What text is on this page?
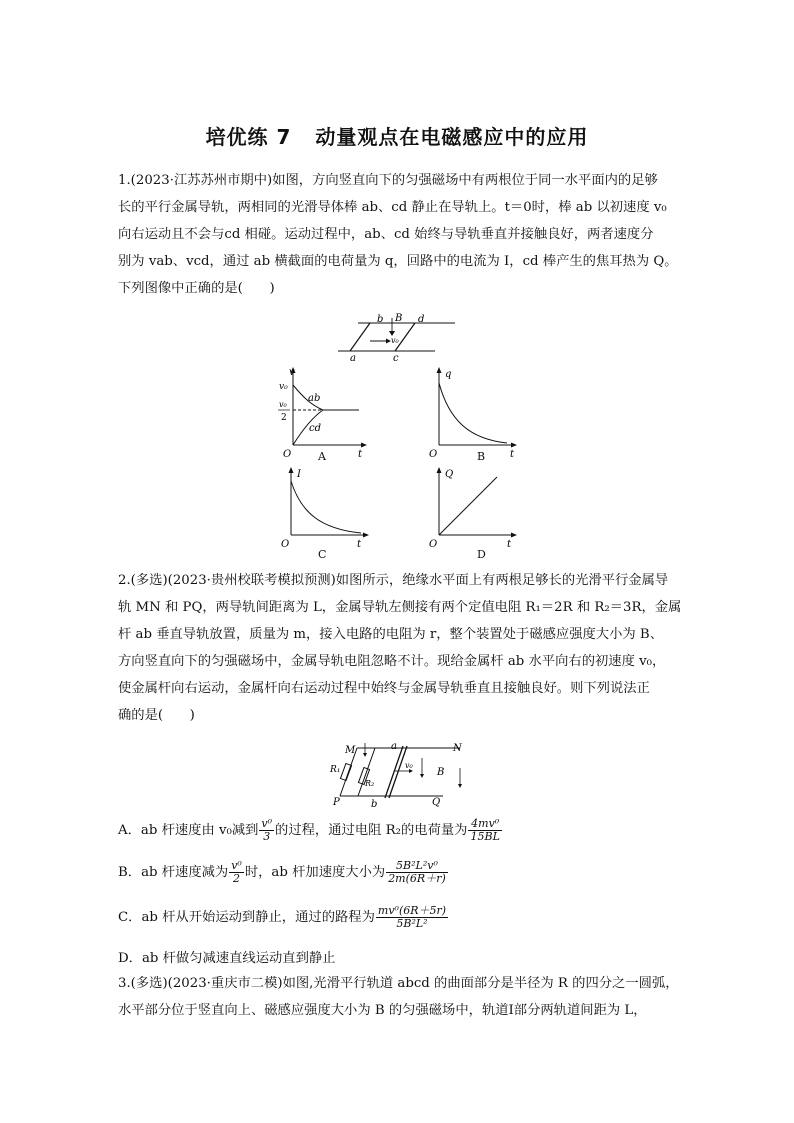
培优练 7 动量观点在电磁感应中的应用
1.(2023·江苏苏州市期中)如图，方向竖直向下的匀强磁场中有两根位于同一水平面内的足够
长的平行金属导轨，两相同的光滑导体棒 ab、cd 静止在导轨上。t＝0时，棒 ab 以初速度 v₀
向右运动且不会与cd 相碰。运动过程中，ab、cd 始终与导轨垂直并接触良好，两者速度分
别为 vab、vcd，通过 ab 横截面的电荷量为 q，回路中的电流为 I，cd 棒产生的焦耳热为 Q。
下列图像中正确的是(　　)
b B d
v₀
a	c
v
t
O
v₀
v₀
2
ab
cd
A
q
t
O	B
I
t
O
C
Q
t
O
D
2.(多选)(2023·贵州校联考模拟预测)如图所示，绝缘水平面上有两根足够长的光滑平行金属导
轨 MN 和 PQ，两导轨间距离为 L，金属导轨左侧接有两个定值电阻 R₁＝2R 和 R₂＝3R，金属
杆 ab 垂直导轨放置，质量为 m，接入电路的电阻为 r，整个装置处于磁感应强度大小为 B、
方向竖直向下的匀强磁场中，金属导轨电阻忽略不计。现给金属杆 ab 水平向右的初速度 v₀，
使金属杆向右运动，金属杆向右运动过程中始终与金属导轨垂直且接触良好。则下列说法正
确的是(　　)
M	a	N
R₁
R₂
v₀
B
P	b	Q
A．ab 杆速度由 v₀减到 $\frac{\text{v⁰}}{3}$ 的过程，通过电阻 R₂的电荷量为 $\frac{\text{4mv⁰}}{15BL}$
B．ab 杆速度减为 $\frac{\text{v⁰}}{2}$ 时，ab 杆加速度大小为 $\frac{\text{5B²L²v⁰}}{2m(6R+r)}$
C．ab 杆从开始运动到静止，通过的路程为 $\frac{\text{mv⁰(6R＋5r)}}{\text{5B²L²}}$
D．ab 杆做匀减速直线运动直到静止
3.(多选)(2023·重庆市二模)如图,光滑平行轨道 abcd 的曲面部分是半径为 R 的四分之一圆弧，
水平部分位于竖直向上、磁感应强度大小为 B 的匀强磁场中，轨道Ⅰ部分两轨道间距为 L，
